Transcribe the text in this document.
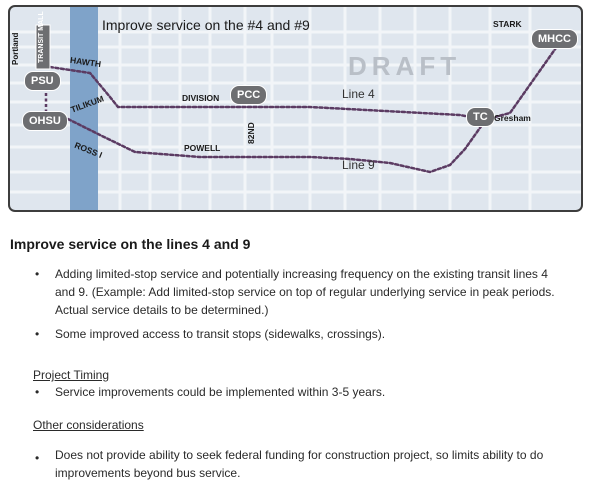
Improve service on the #4 and #9
DRAFT
Portland	TRANSIT MALL
PSU
OHSU
HAWTH
TILIKUM
ROSS I
DIVISION	PCC
POWELL
82ND
STARK
MHCC
TC Gresham
Line 4
Line 9
Improve service on the lines 4 and 9
• Adding limited-stop service and potentially increasing frequency on the existing transit lines 4
and 9. (Example: Add limited-stop service on top of regular underlying service in peak periods.
Actual service details to be determined.)
• Some improved access to transit stops (sidewalks, crossings).
Project Timing
• Service improvements could be implemented within 3-5 years.
Other considerations
• Does not provide ability to seek federal funding for construction project, so limits ability to do
improvements beyond bus service.
